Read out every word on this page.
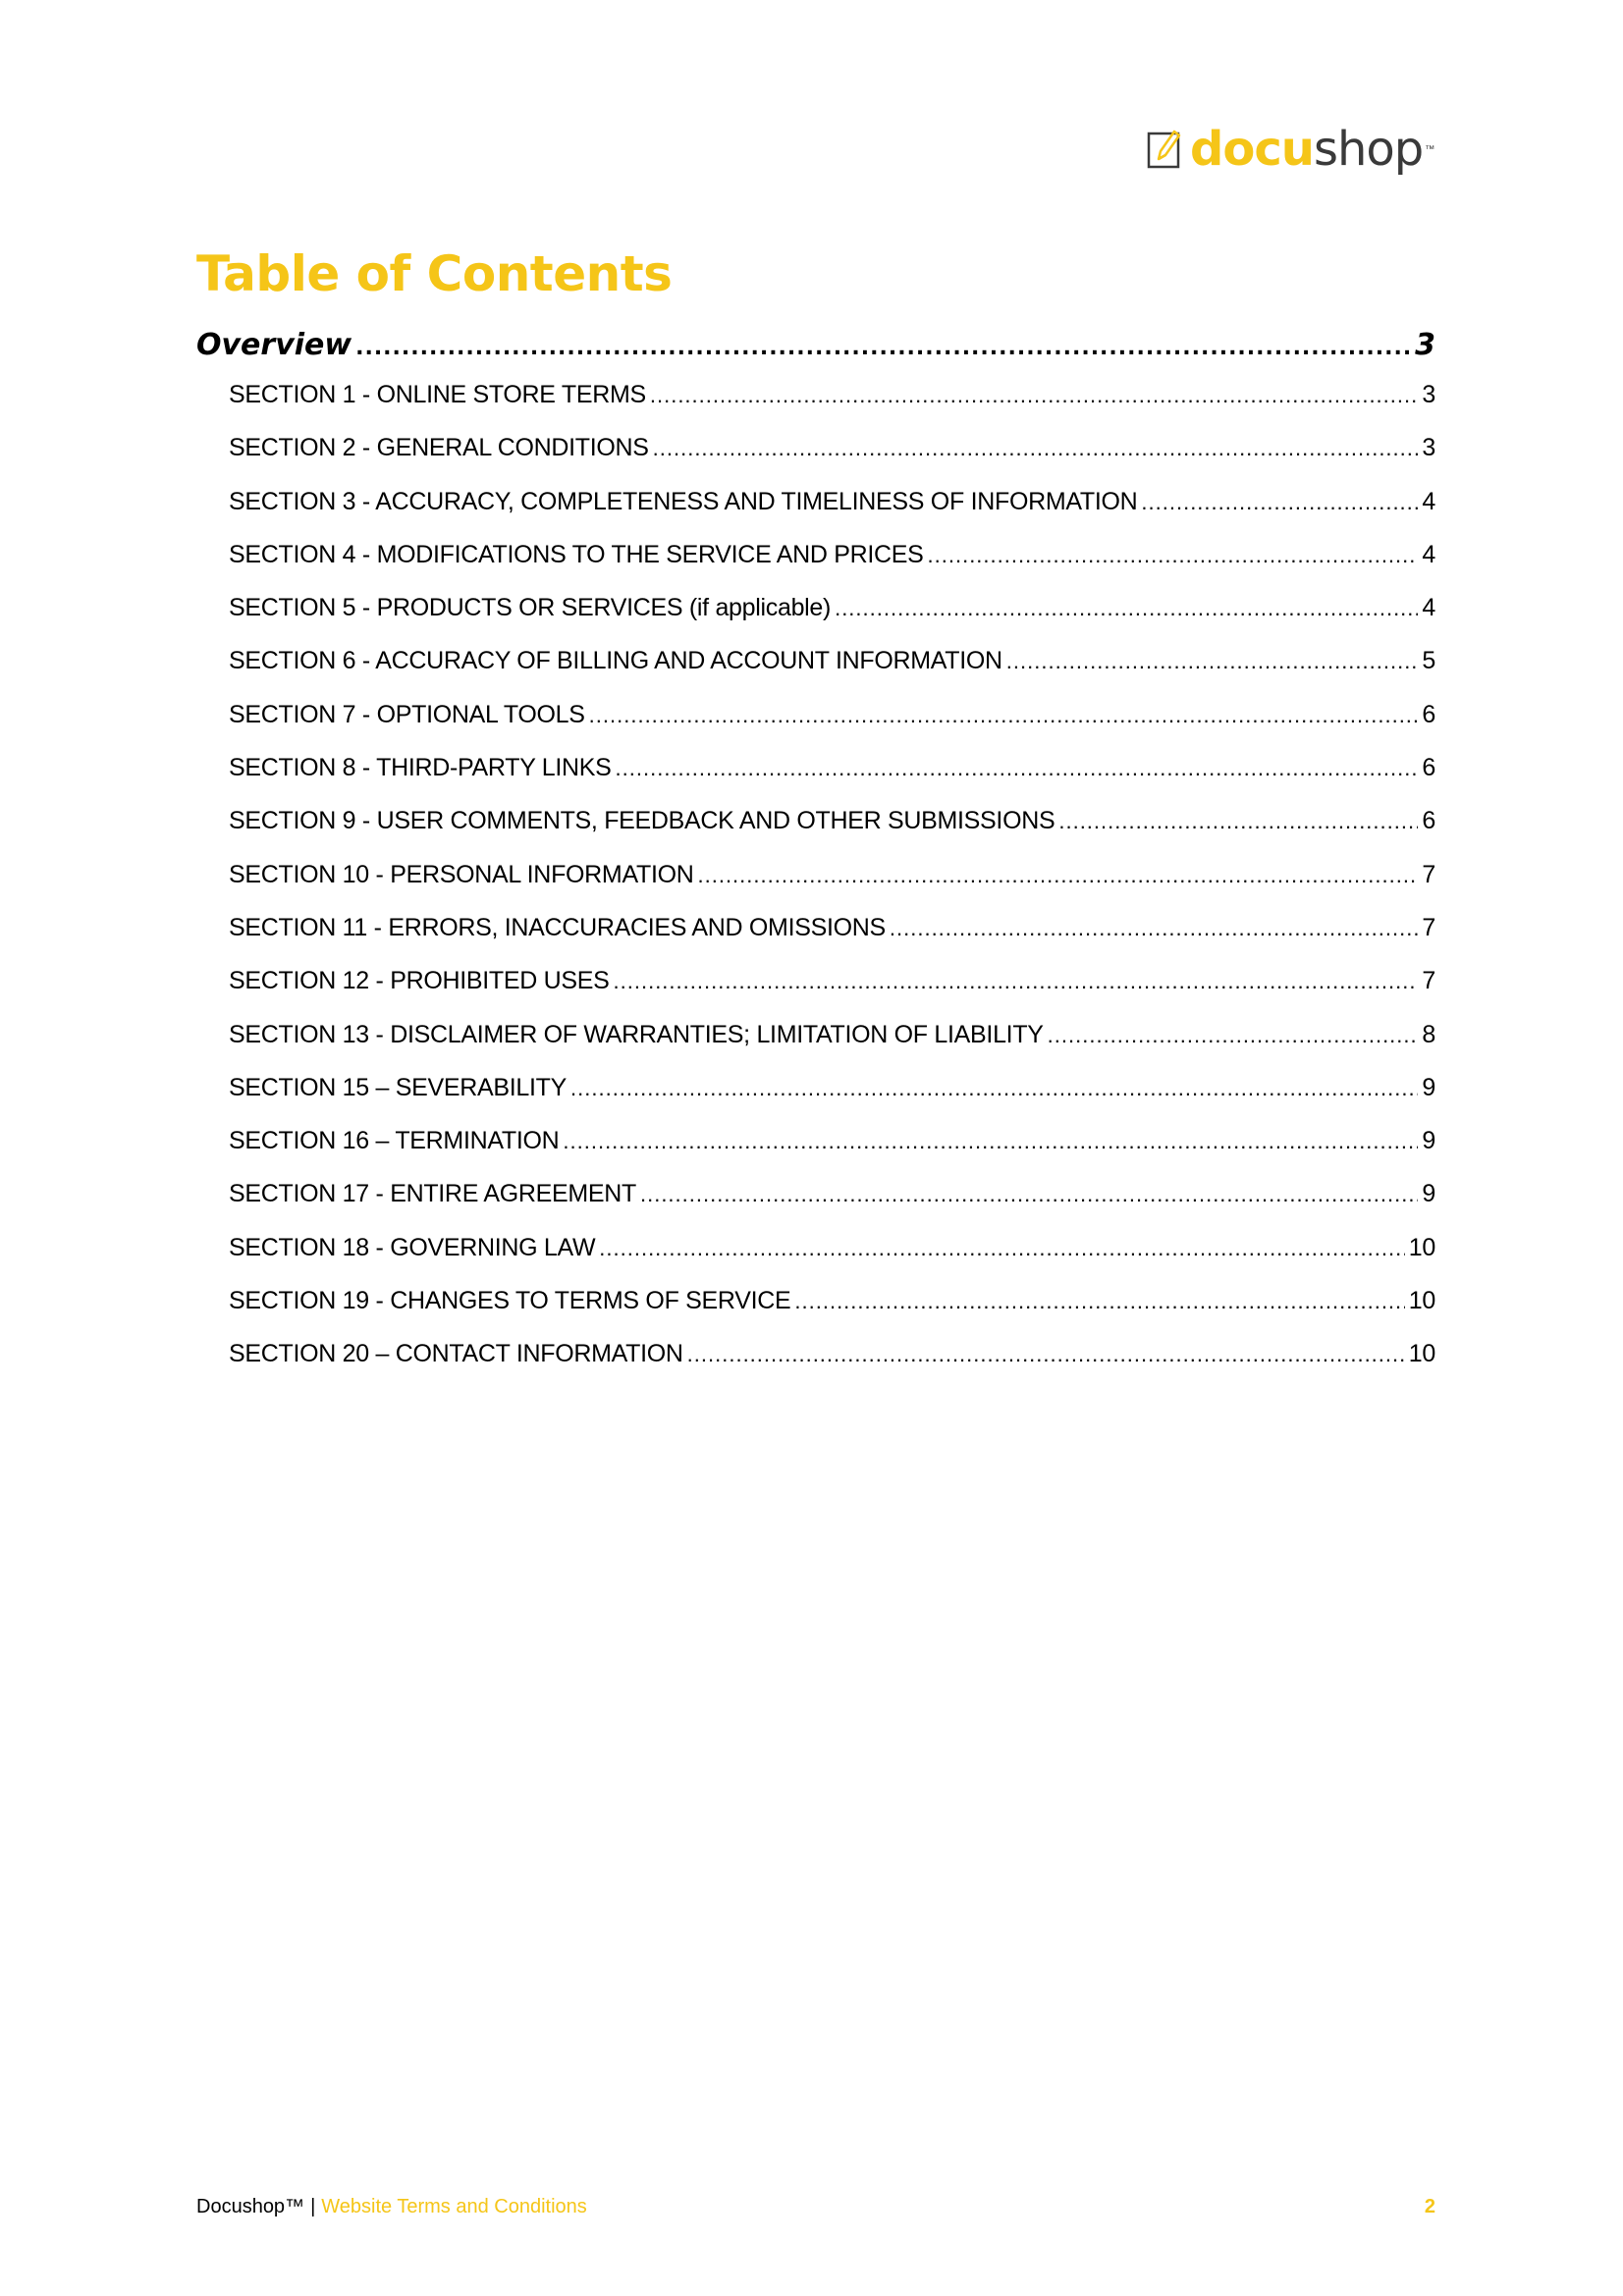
docushop ™
Table of Contents
Overview .....	3
SECTION 1 - ONLINE STORE TERMS .....	3
SECTION 2 - GENERAL CONDITIONS .....	3
SECTION 3 - ACCURACY, COMPLETENESS AND TIMELINESS OF INFORMATION .....	4
SECTION 4 - MODIFICATIONS TO THE SERVICE AND PRICES .....	4
SECTION 5 - PRODUCTS OR SERVICES (if applicable) .....	4
SECTION 6 - ACCURACY OF BILLING AND ACCOUNT INFORMATION .....	5
SECTION 7 - OPTIONAL TOOLS .....	6
SECTION 8 - THIRD-PARTY LINKS .....	6
SECTION 9 - USER COMMENTS, FEEDBACK AND OTHER SUBMISSIONS .....	6
SECTION 10 - PERSONAL INFORMATION .....	7
SECTION 11 - ERRORS, INACCURACIES AND OMISSIONS .....	7
SECTION 12 - PROHIBITED USES .....	7
SECTION 13 - DISCLAIMER OF WARRANTIES; LIMITATION OF LIABILITY .....	8
SECTION 15 – SEVERABILITY .....	9
SECTION 16 – TERMINATION .....	9
SECTION 17 - ENTIRE AGREEMENT .....	9
SECTION 18 - GOVERNING LAW .....	10
SECTION 19 - CHANGES TO TERMS OF SERVICE .....	10
SECTION 20 – CONTACT INFORMATION .....	10
Docushop™ | Website Terms and Conditions	2
